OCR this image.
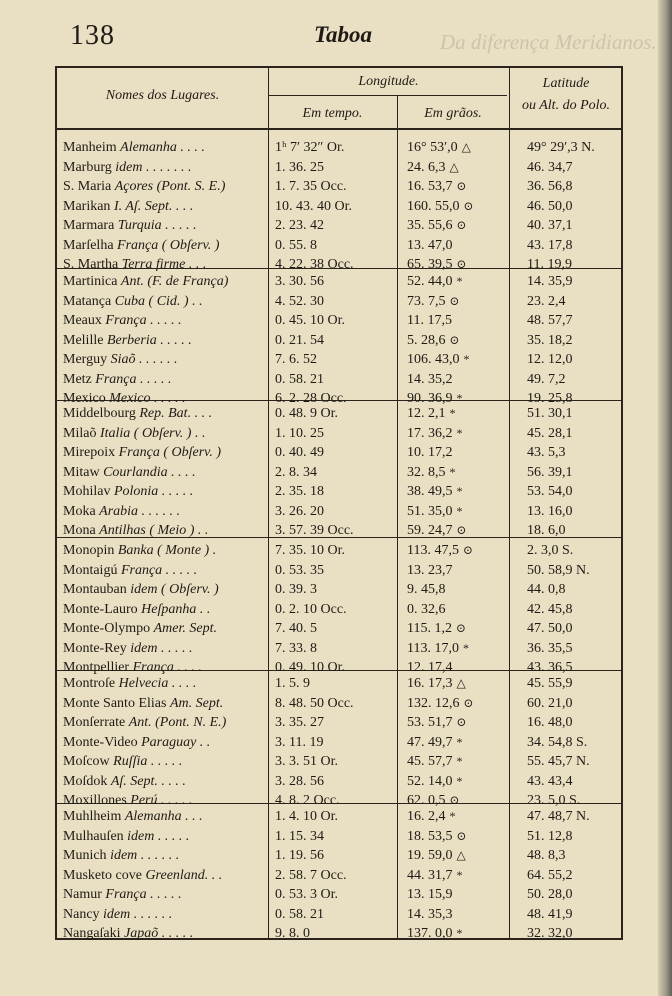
138	Taboa	Da diferença Meridianos.
Nomes dos Lugares.
Longitude.
Em tempo.	Em grãos.
Latitude
ou Alt. do Polo.
Manheim Alemanha . . . .	1ʰ 7′ 32″ Or.	16° 53′,0 △	49° 29′,3 N.
Marburg idem . . . . . . .	1. 36. 25	24. 6,3 △	46. 34,7
S. Maria Açores (Pont. S. E.)	1. 7. 35 Occ.	16. 53,7 ⊙	36. 56,8
Marikan I. Aſ. Sept. . . .	10. 43. 40 Or.	160. 55,0 ⊙	46. 50,0
Marmara Turquia . . . . .	2. 23. 42	35. 55,6 ⊙	40. 37,1
Marſelha França ( Obſerv. )	0. 55. 8	13. 47,0	43. 17,8
S. Martha Terra firme . . .	4. 22. 38 Occ.	65. 39,5 ⊙	11. 19,9
Martinica Ant. (F. de França)	3. 30. 56	52. 44,0 *	14. 35,9
Matança Cuba ( Cid. ) . .	4. 52. 30	73. 7,5 ⊙	23. 2,4
Meaux França . . . . .	0. 45. 10 Or.	11. 17,5	48. 57,7
Melille Berberia . . . . .	0. 21. 54	5. 28,6 ⊙	35. 18,2
Merguy Siaõ . . . . . .	7. 6. 52	106. 43,0 *	12. 12,0
Metz França . . . . .	0. 58. 21	14. 35,2	49. 7,2
Mexico Mexico . . . . .	6. 2. 28 Occ.	90. 36,9 *	19. 25,8
Middelbourg Rep. Bat. . . .	0. 48. 9 Or.	12. 2,1 *	51. 30,1
Milaõ Italia ( Obſerv. ) . .	1. 10. 25	17. 36,2 *	45. 28,1
Mirepoix França ( Obſerv. )	0. 40. 49	10. 17,2	43. 5,3
Mitaw Courlandia . . . .	2. 8. 34	32. 8,5 *	56. 39,1
Mohilav Polonia . . . . .	2. 35. 18	38. 49,5 *	53. 54,0
Moka Arabia . . . . . .	3. 26. 20	51. 35,0 *	13. 16,0
Mona Antilhas ( Meio ) . .	3. 57. 39 Occ.	59. 24,7 ⊙	18. 6,0
Monopin Banka ( Monte ) .	7. 35. 10 Or.	113. 47,5 ⊙	2. 3,0 S.
Montaigú França . . . . .	0. 53. 35	13. 23,7	50. 58,9 N.
Montauban idem ( Obſerv. )	0. 39. 3	9. 45,8	44. 0,8
Monte-Lauro Heſpanha . .	0. 2. 10 Occ.	0. 32,6	42. 45,8
Monte-Olympo Amer. Sept.	7. 40. 5	115. 1,2 ⊙	47. 50,0
Monte-Rey idem . . . . .	7. 33. 8	113. 17,0 *	36. 35,5
Montpellier França . . . .	0. 49. 10 Or.	12. 17,4	43. 36,5
Montroſe Helvecia . . . .	1. 5. 9	16. 17,3 △	45. 55,9
Monte Santo Elias Am. Sept.	8. 48. 50 Occ.	132. 12,6 ⊙	60. 21,0
Monſerrate Ant. (Pont. N. E.)	3. 35. 27	53. 51,7 ⊙	16. 48,0
Monte-Video Paraguay . .	3. 11. 19	47. 49,7 *	34. 54,8 S.
Moſcow Ruſſia . . . . .	3. 3. 51 Or.	45. 57,7 *	55. 45,7 N.
Moſdok Aſ. Sept. . . . .	3. 28. 56	52. 14,0 *	43. 43,4
Moxillones Perú . . . . .	4. 8. 2 Occ.	62. 0,5 ⊙	23. 5,0 S.
Muhlheim Alemanha . . .	1. 4. 10 Or.	16. 2,4 *	47. 48,7 N.
Mulhauſen idem . . . . .	1. 15. 34	18. 53,5 ⊙	51. 12,8
Munich idem . . . . . .	1. 19. 56	19. 59,0 △	48. 8,3
Musketo cove Greenland. . .	2. 58. 7 Occ.	44. 31,7 *	64. 55,2
Namur França . . . . .	0. 53. 3 Or.	13. 15,9	50. 28,0
Nancy idem . . . . . .	0. 58. 21	14. 35,3	48. 41,9
Nangaſaki Japaõ . . . . .	9. 8. 0	137. 0,0 *	32. 32,0
